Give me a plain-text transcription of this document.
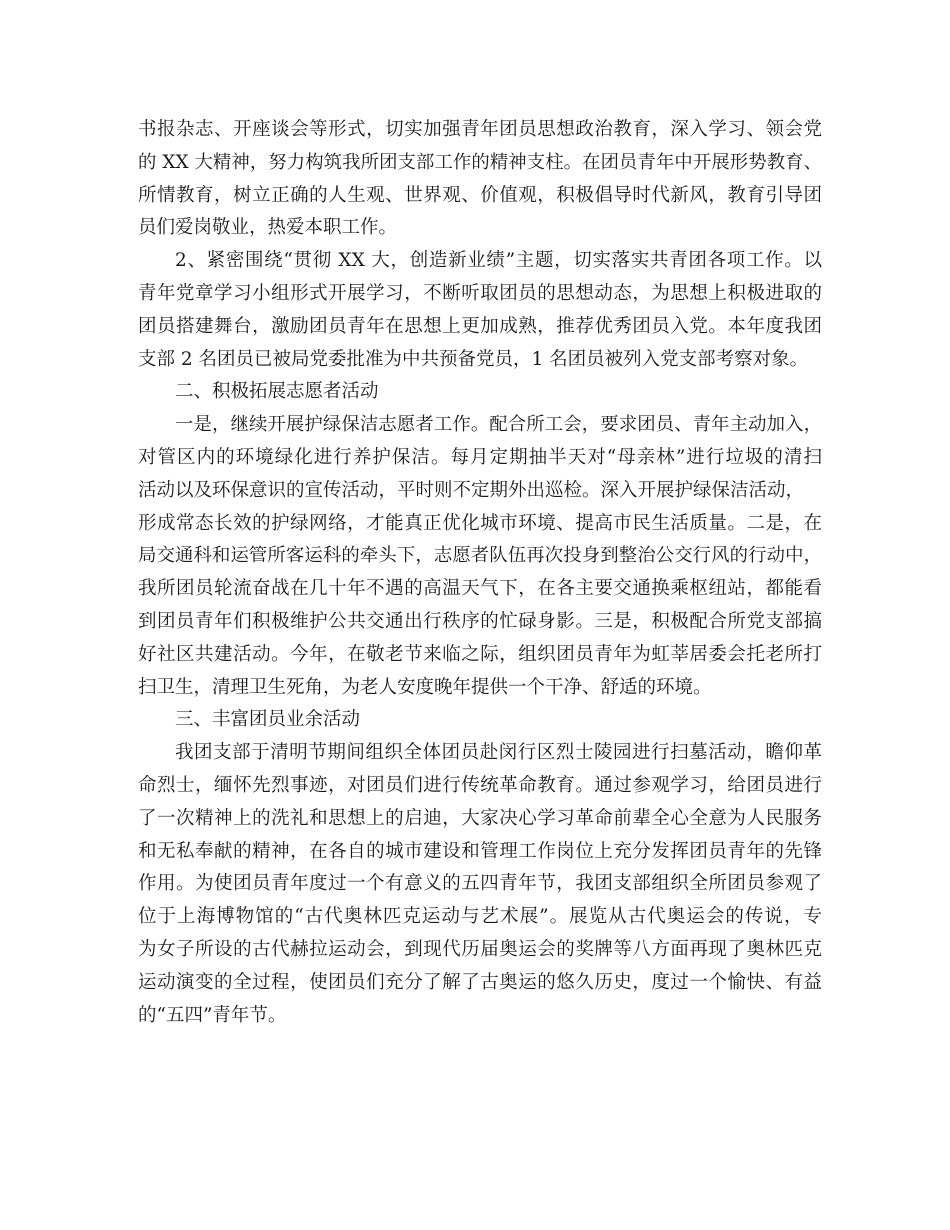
书报杂志、开座谈会等形式，切实加强青年团员思想政治教育，深入学习、领会党
的 XX 大精神，努力构筑我所团支部工作的精神支柱。在团员青年中开展形势教育、
所情教育，树立正确的人生观、世界观、价值观，积极倡导时代新风，教育引导团
员们爱岗敬业，热爱本职工作。
2、紧密围绕“贯彻 XX 大，创造新业绩”主题，切实落实共青团各项工作。以
青年党章学习小组形式开展学习，不断听取团员的思想动态，为思想上积极进取的
团员搭建舞台，激励团员青年在思想上更加成熟，推荐优秀团员入党。本年度我团
支部 2 名团员已被局党委批准为中共预备党员，1 名团员被列入党支部考察对象。
二、积极拓展志愿者活动
一是，继续开展护绿保洁志愿者工作。配合所工会，要求团员、青年主动加入，
对管区内的环境绿化进行养护保洁。每月定期抽半天对“母亲林”进行垃圾的清扫
活动以及环保意识的宣传活动，平时则不定期外出巡检。深入开展护绿保洁活动，
形成常态长效的护绿网络，才能真正优化城市环境、提高市民生活质量。二是，在
局交通科和运管所客运科的牵头下，志愿者队伍再次投身到整治公交行风的行动中，
我所团员轮流奋战在几十年不遇的高温天气下，在各主要交通换乘枢纽站，都能看
到团员青年们积极维护公共交通出行秩序的忙碌身影。三是，积极配合所党支部搞
好社区共建活动。今年，在敬老节来临之际，组织团员青年为虹莘居委会托老所打
扫卫生，清理卫生死角，为老人安度晚年提供一个干净、舒适的环境。
三、丰富团员业余活动
我团支部于清明节期间组织全体团员赴闵行区烈士陵园进行扫墓活动，瞻仰革
命烈士，缅怀先烈事迹，对团员们进行传统革命教育。通过参观学习，给团员进行
了一次精神上的洗礼和思想上的启迪，大家决心学习革命前辈全心全意为人民服务
和无私奉献的精神，在各自的城市建设和管理工作岗位上充分发挥团员青年的先锋
作用。为使团员青年度过一个有意义的五四青年节，我团支部组织全所团员参观了
位于上海博物馆的“古代奥林匹克运动与艺术展”。展览从古代奥运会的传说，专
为女子所设的古代赫拉运动会，到现代历届奥运会的奖牌等八方面再现了奥林匹克
运动演变的全过程，使团员们充分了解了古奥运的悠久历史，度过一个愉快、有益
的“五四”青年节。
